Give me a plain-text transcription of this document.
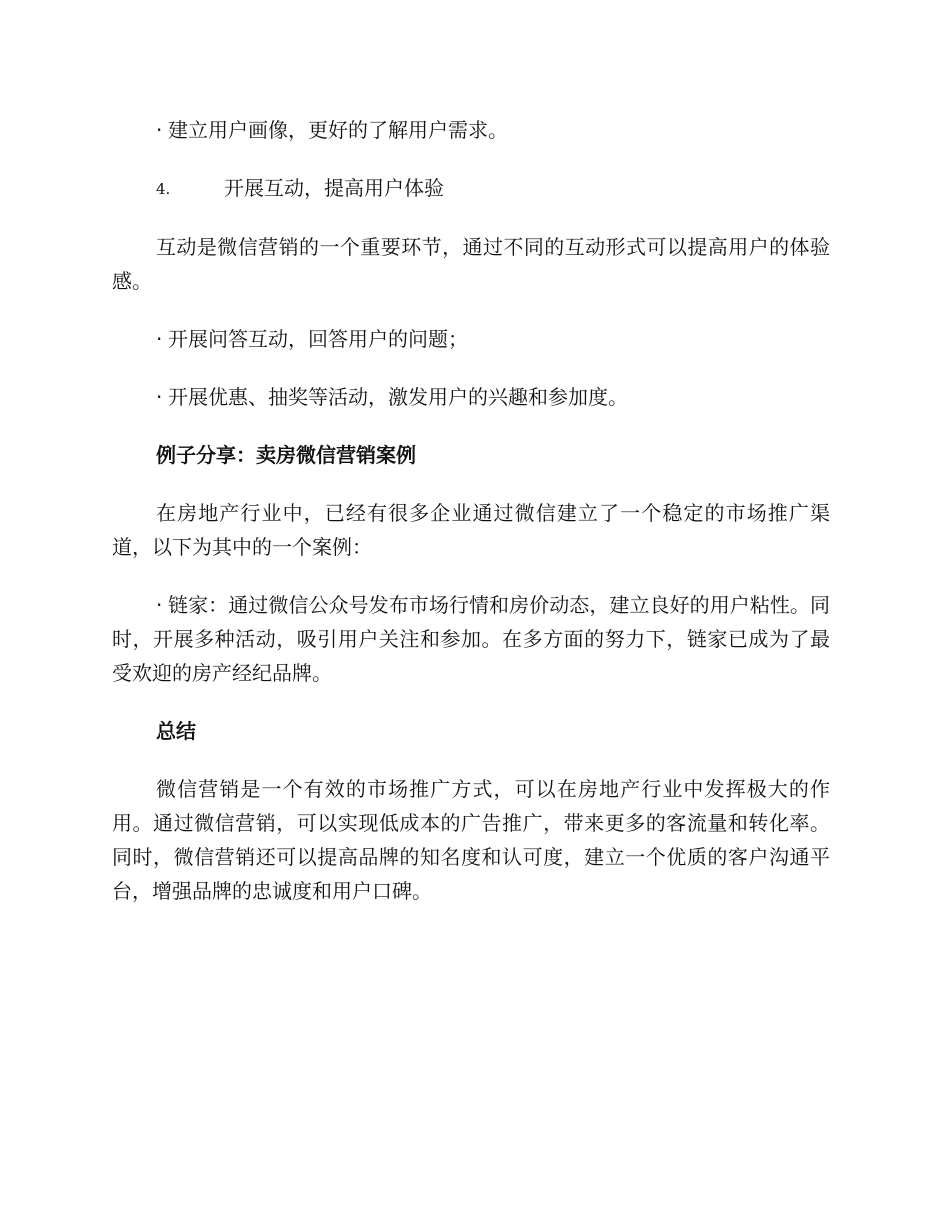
· 建立用户画像，更好的了解用户需求。

4.	开展互动，提高用户体验

互动是微信营销的一个重要环节，通过不同的互动形式可以提高用户的体验感。

· 开展问答互动，回答用户的问题；

· 开展优惠、抽奖等活动，激发用户的兴趣和参加度。

例子分享：卖房微信营销案例

在房地产行业中，已经有很多企业通过微信建立了一个稳定的市场推广渠道，以下为其中的一个案例：

· 链家：通过微信公众号发布市场行情和房价动态，建立良好的用户粘性。同时，开展多种活动，吸引用户关注和参加。在多方面的努力下，链家已成为了最受欢迎的房产经纪品牌。

总结

微信营销是一个有效的市场推广方式，可以在房地产行业中发挥极大的作用。通过微信营销，可以实现低成本的广告推广，带来更多的客流量和转化率。同时，微信营销还可以提高品牌的知名度和认可度，建立一个优质的客户沟通平台，增强品牌的忠诚度和用户口碑。
